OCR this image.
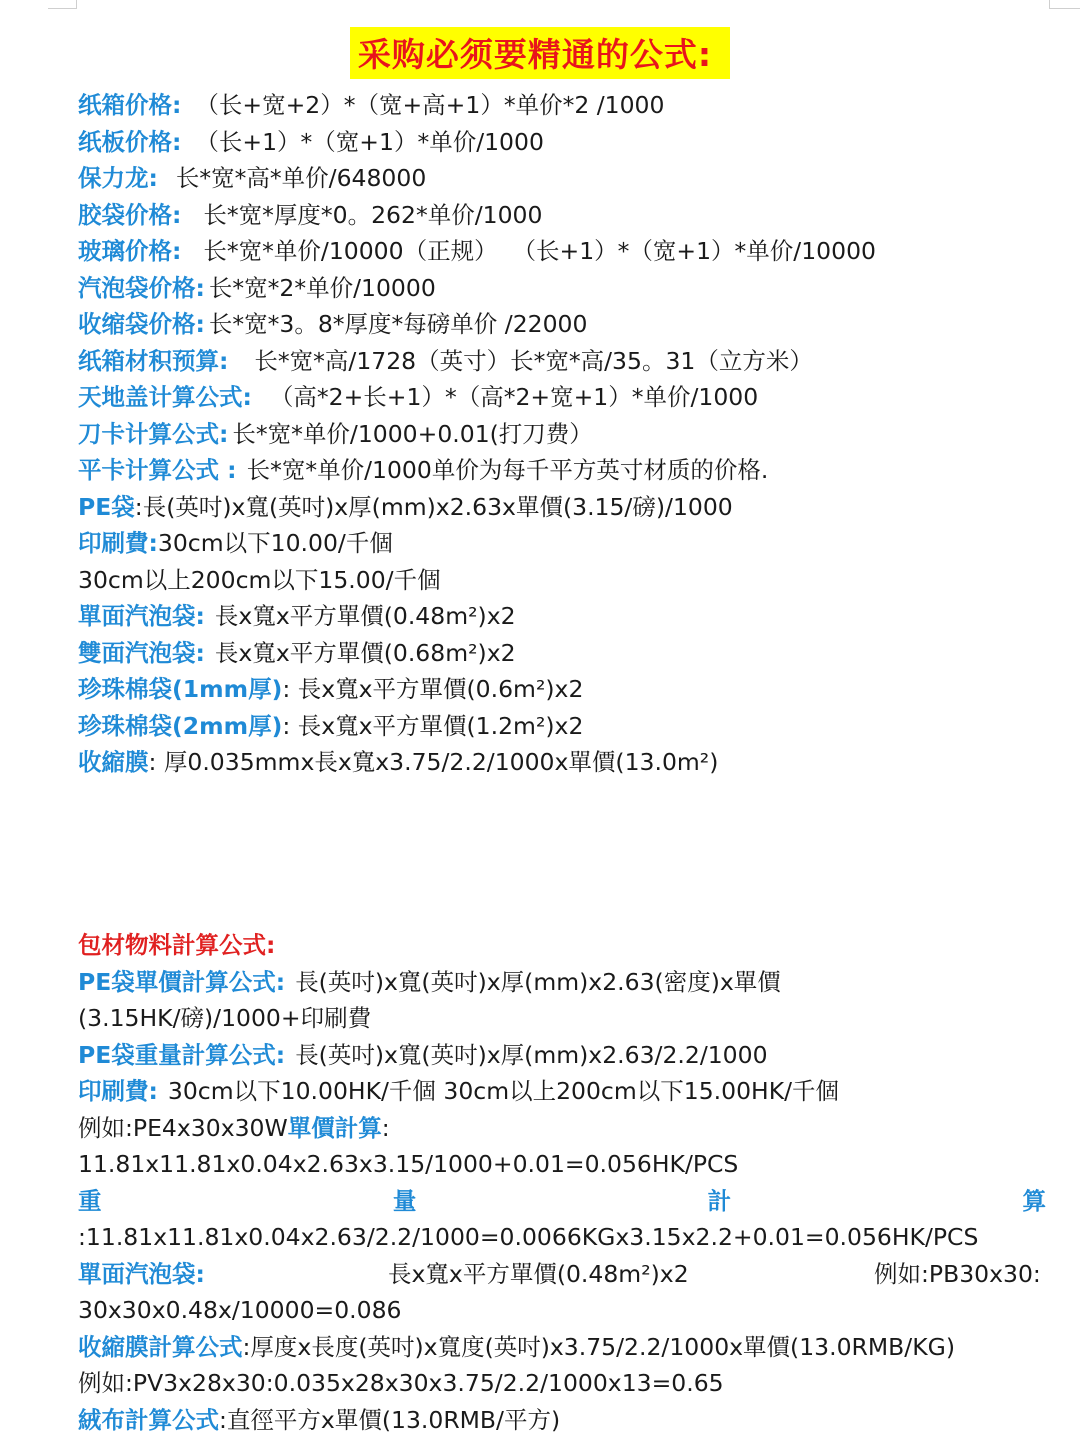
采购必须要精通的公式:
纸箱价格: （长+宽+2）*（宽+高+1）*单价*2 /1000
纸板价格: （长+1）*（宽+1）*单价/1000
保力龙: 长*宽*高*单价/648000
胶袋价格: 长*宽*厚度*0。262*单价/1000
玻璃价格: 长*宽*单价/10000（正规）  （长+1）*（宽+1）*单价/10000
汽泡袋价格: 长*宽*2*单价/10000
收缩袋价格: 长*宽*3。8*厚度*每磅单价 /22000
纸箱材积预算: 长*宽*高/1728（英寸）长*宽*高/35。31（立方米）
天地盖计算公式: （高*2+长+1）*（高*2+宽+1）*单价/1000
刀卡计算公式: 长*宽*单价/1000+0.01(打刀费）
平卡计算公式 : 长*宽*单价/1000单价为每千平方英寸材质的价格.
PE袋:長(英吋)x寬(英吋)x厚(mm)x2.63x單價(3.15/磅)/1000
印刷費:30cm以下10.00/千個
30cm以上200cm以下15.00/千個
單面汽泡袋: 長x寬x平方單價(0.48m²)x2
雙面汽泡袋: 長x寬x平方單價(0.68m²)x2
珍珠棉袋(1mm厚): 長x寬x平方單價(0.6m²)x2
珍珠棉袋(2mm厚): 長x寬x平方單價(1.2m²)x2
收縮膜: 厚0.035mmx長x寬x3.75/2.2/1000x單價(13.0m²)
包材物料計算公式:
PE袋單價計算公式: 長(英吋)x寬(英吋)x厚(mm)x2.63(密度)x單價
(3.15HK/磅)/1000+印刷費
PE袋重量計算公式: 長(英吋)x寬(英吋)x厚(mm)x2.63/2.2/1000
印刷費: 30cm以下10.00HK/千個 30cm以上200cm以下15.00HK/千個
例如:PE4x30x30W單價計算:
11.81x11.81x0.04x2.63x3.15/1000+0.01=0.056HK/PCS
重	量	計	算
:11.81x11.81x0.04x2.63/2.2/1000=0.0066KGx3.15x2.2+0.01=0.056HK/PCS
單面汽泡袋:	長x寬x平方單價(0.48m²)x2	例如:PB30x30:
30x30x0.48x/10000=0.086
收縮膜計算公式:厚度x長度(英吋)x寬度(英吋)x3.75/2.2/1000x單價(13.0RMB/KG)
例如:PV3x28x30:0.035x28x30x3.75/2.2/1000x13=0.65
絨布計算公式:直徑平方x單價(13.0RMB/平方)
